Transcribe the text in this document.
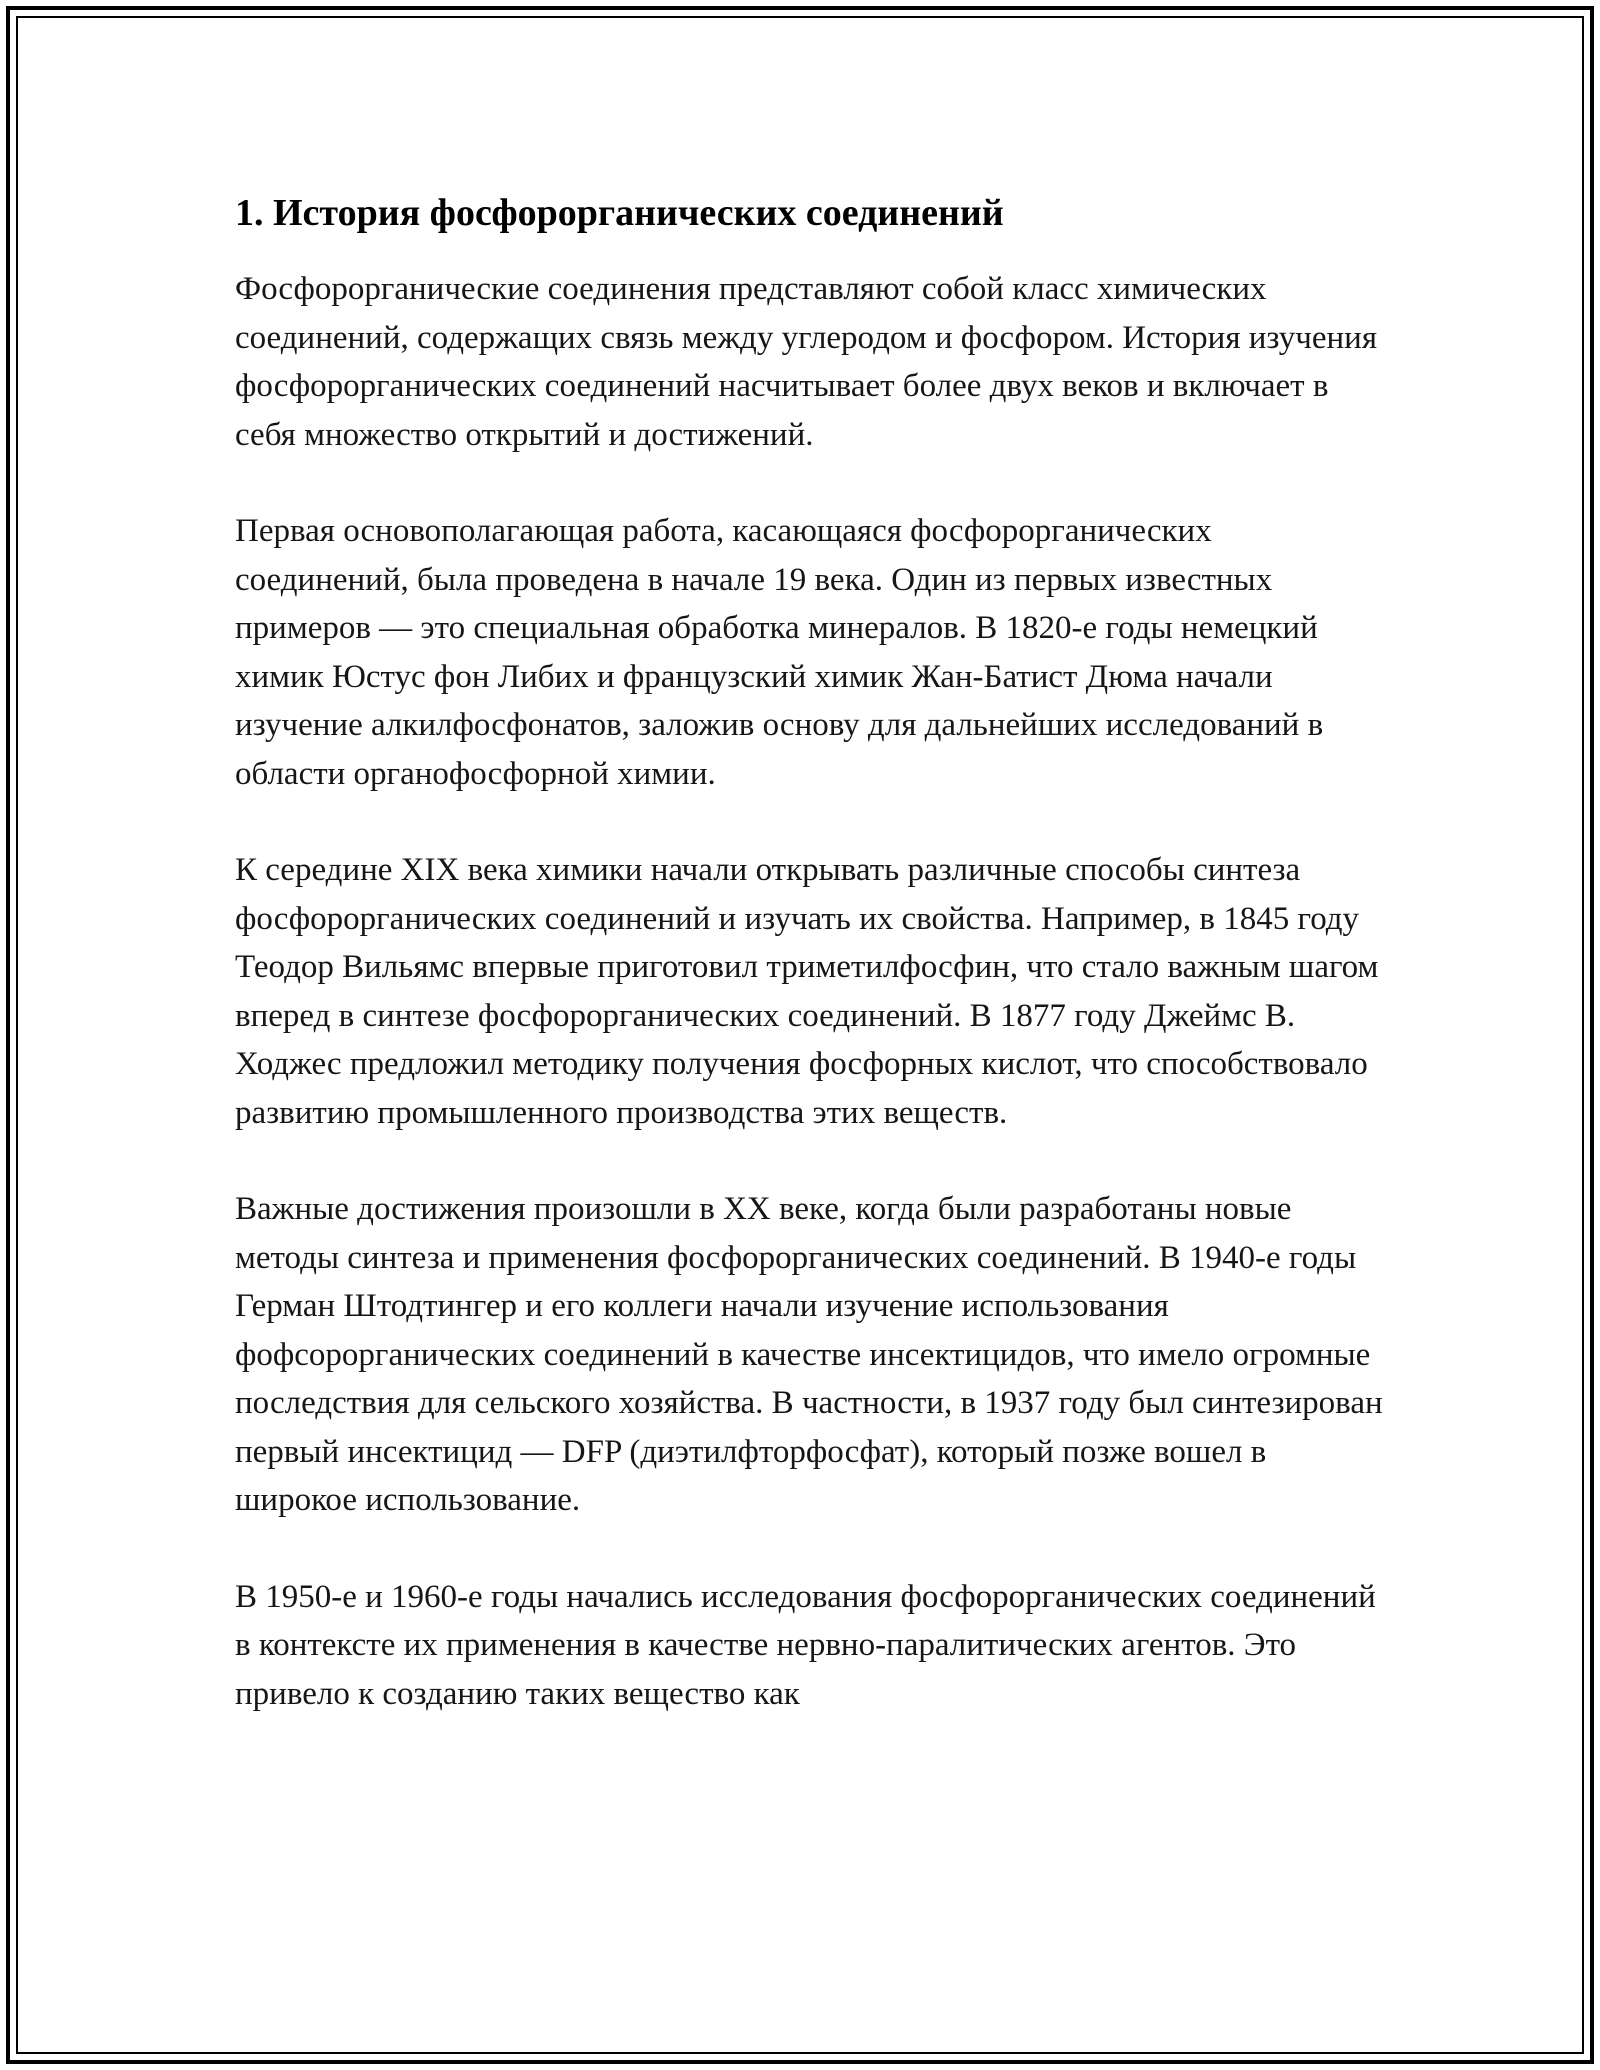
1. История фосфорорганических соединений

Фосфорорганические соединения представляют собой класс химических соединений, содержащих связь между углеродом и фосфором. История изучения фосфорорганических соединений насчитывает более двух веков и включает в себя множество открытий и достижений.

Первая основополагающая работа, касающаяся фосфорорганических соединений, была проведена в начале 19 века. Один из первых известных примеров — это специальная обработка минералов. В 1820-е годы немецкий химик Юстус фон Либих и французский химик Жан-Батист Дюма начали изучение алкилфосфонатов, заложив основу для дальнейших исследований в области органофосфорной химии.

К середине XIX века химики начали открывать различные способы синтеза фосфорорганических соединений и изучать их свойства. Например, в 1845 году Теодор Вильямс впервые приготовил триметилфосфин, что стало важным шагом вперед в синтезе фосфорорганических соединений. В 1877 году Джеймс В. Ходжес предложил методику получения фосфорных кислот, что способствовало развитию промышленного производства этих веществ.

Важные достижения произошли в XX веке, когда были разработаны новые методы синтеза и применения фосфорорганических соединений. В 1940-е годы Герман Штодтингер и его коллеги начали изучение использования фофсорорганических соединений в качестве инсектицидов, что имело огромные последствия для сельского хозяйства. В частности, в 1937 году был синтезирован первый инсектицид — DFP (диэтилфторфосфат), который позже вошел в широкое использование.

В 1950-е и 1960-е годы начались исследования фосфорорганических соединений в контексте их применения в качестве нервно-паралитических агентов. Это привело к созданию таких вещество как
